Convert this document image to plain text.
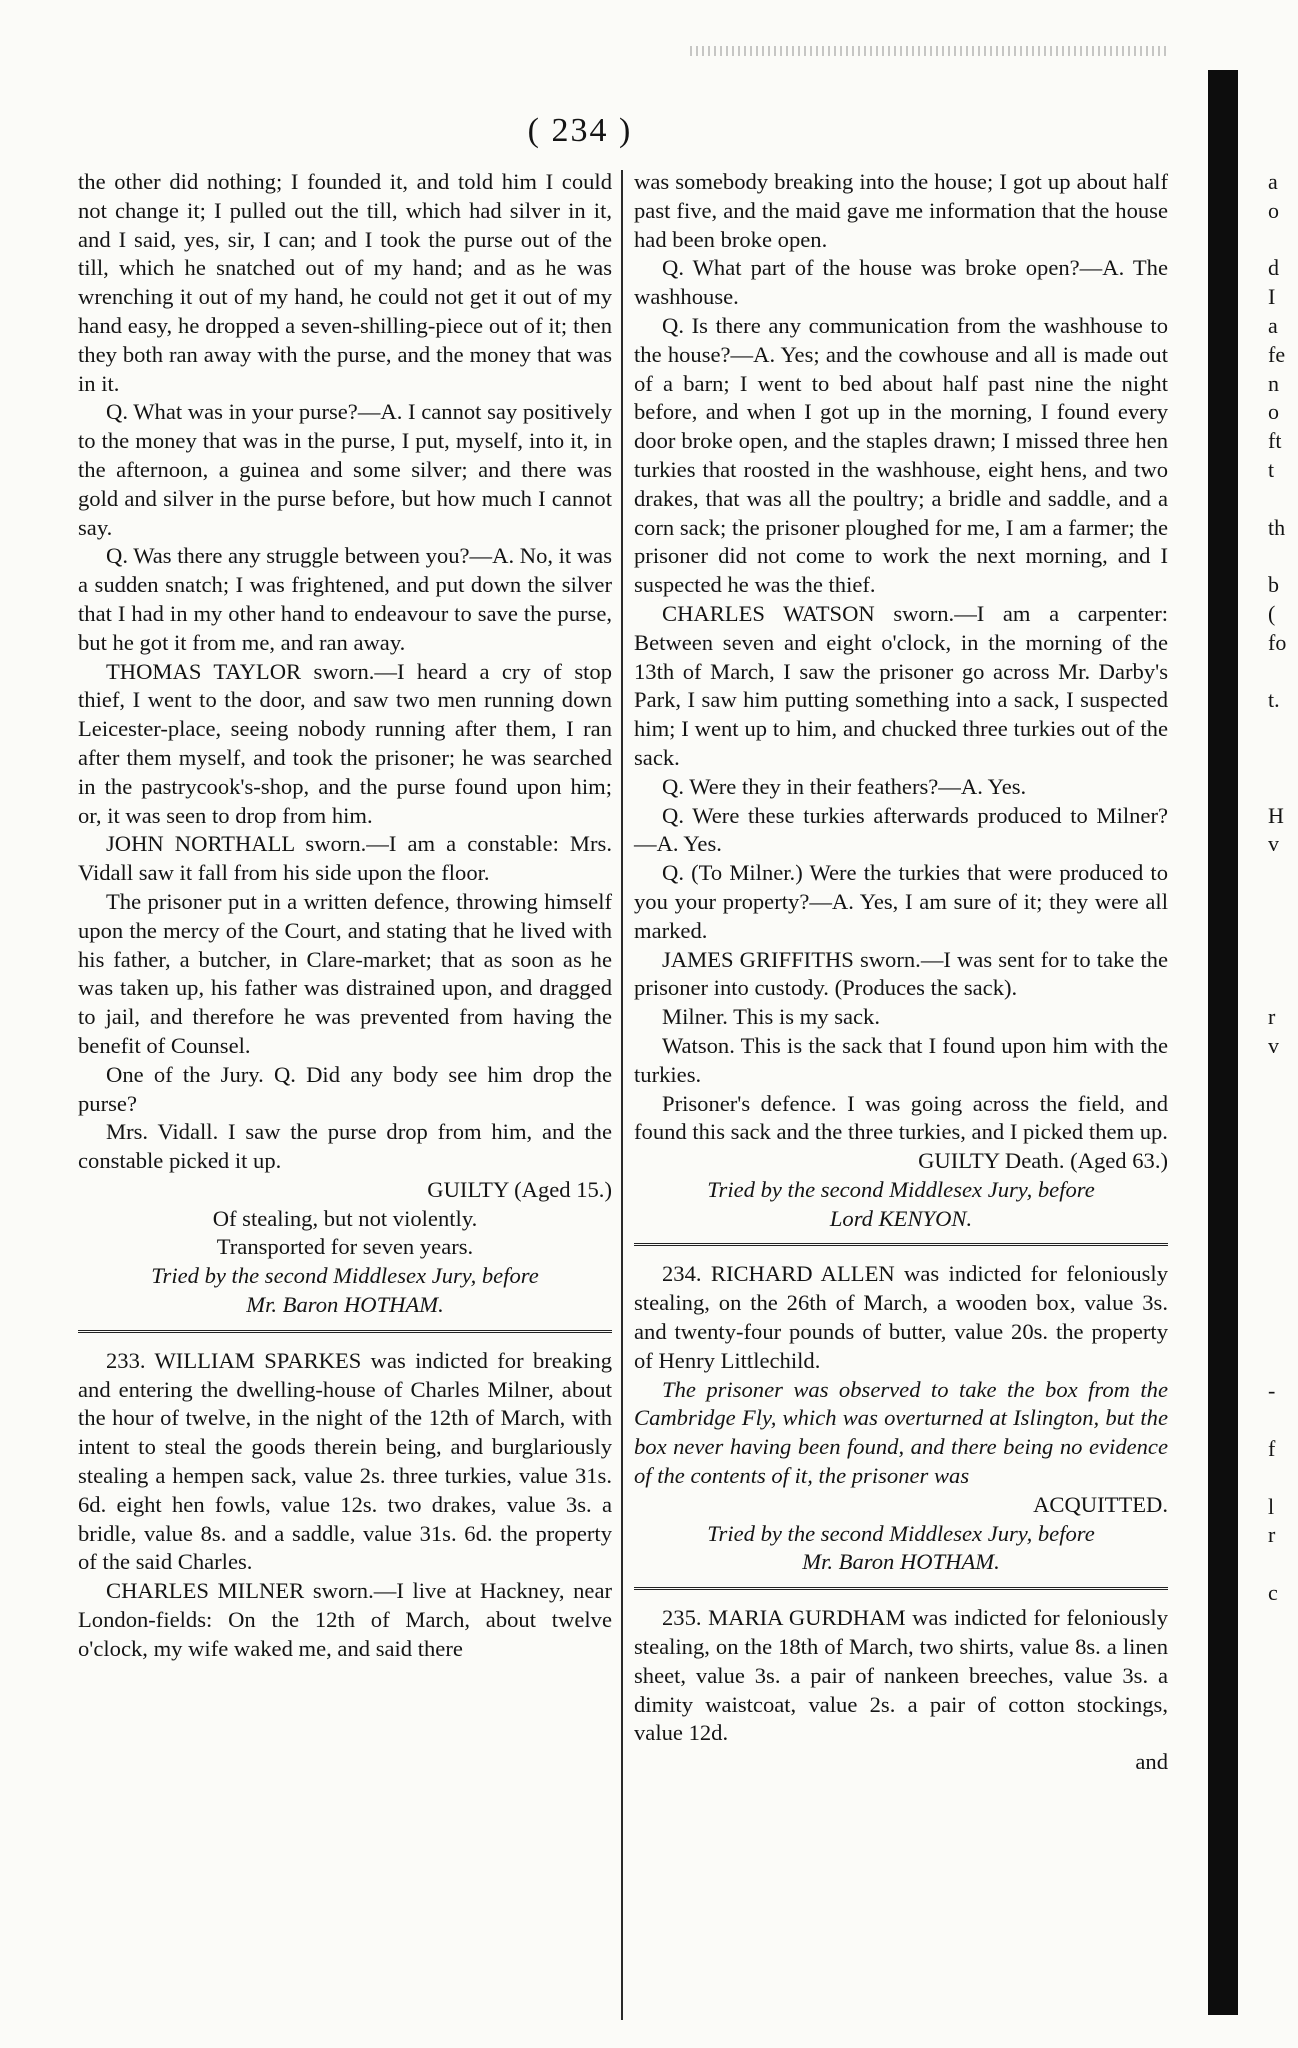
( 234 )

the other did nothing; I founded it, and told him I could not change it; I pulled out the till, which had silver in it, and I said, yes, sir, I can; and I took the purse out of the till, which he snatched out of my hand; and as he was wrenching it out of my hand, he could not get it out of my hand easy, he dropped a seven-shilling-piece out of it; then they both ran away with the purse, and the money that was in it.

Q. What was in your purse?—A. I cannot say positively to the money that was in the purse, I put, myself, into it, in the afternoon, a guinea and some silver; and there was gold and silver in the purse before, but how much I cannot say.

Q. Was there any struggle between you?—A. No, it was a sudden snatch; I was frightened, and put down the silver that I had in my other hand to endeavour to save the purse, but he got it from me, and ran away.

THOMAS TAYLOR sworn.—I heard a cry of stop thief, I went to the door, and saw two men running down Leicester-place, seeing nobody running after them, I ran after them myself, and took the prisoner; he was searched in the pastrycook's-shop, and the purse found upon him; or, it was seen to drop from him.

JOHN NORTHALL sworn.—I am a constable: Mrs. Vidall saw it fall from his side upon the floor.

The prisoner put in a written defence, throwing himself upon the mercy of the Court, and stating that he lived with his father, a butcher, in Clare-market; that as soon as he was taken up, his father was distrained upon, and dragged to jail, and therefore he was prevented from having the benefit of Counsel.

One of the Jury. Q. Did any body see him drop the purse?

Mrs. Vidall. I saw the purse drop from him, and the constable picked it up.

GUILTY (Aged 15.)

Of stealing, but not violently.

Transported for seven years.

Tried by the second Middlesex Jury, before

Mr. Baron HOTHAM.

233. WILLIAM SPARKES was indicted for breaking and entering the dwelling-house of Charles Milner, about the hour of twelve, in the night of the 12th of March, with intent to steal the goods therein being, and burglariously stealing a hempen sack, value 2s. three turkies, value 31s. 6d. eight hen fowls, value 12s. two drakes, value 3s. a bridle, value 8s. and a saddle, value 31s. 6d. the property of the said Charles.

CHARLES MILNER sworn.—I live at Hackney, near London-fields: On the 12th of March, about twelve o'clock, my wife waked me, and said there

was somebody breaking into the house; I got up about half past five, and the maid gave me information that the house had been broke open.

Q. What part of the house was broke open?—A. The washhouse.

Q. Is there any communication from the washhouse to the house?—A. Yes; and the cowhouse and all is made out of a barn; I went to bed about half past nine the night before, and when I got up in the morning, I found every door broke open, and the staples drawn; I missed three hen turkies that roosted in the washhouse, eight hens, and two drakes, that was all the poultry; a bridle and saddle, and a corn sack; the prisoner ploughed for me, I am a farmer; the prisoner did not come to work the next morning, and I suspected he was the thief.

CHARLES WATSON sworn.—I am a carpenter: Between seven and eight o'clock, in the morning of the 13th of March, I saw the prisoner go across Mr. Darby's Park, I saw him putting something into a sack, I suspected him; I went up to him, and chucked three turkies out of the sack.

Q. Were they in their feathers?—A. Yes.

Q. Were these turkies afterwards produced to Milner?—A. Yes.

Q. (To Milner.) Were the turkies that were produced to you your property?—A. Yes, I am sure of it; they were all marked.

JAMES GRIFFITHS sworn.—I was sent for to take the prisoner into custody. (Produces the sack).

Milner. This is my sack.

Watson. This is the sack that I found upon him with the turkies.

Prisoner's defence. I was going across the field, and found this sack and the three turkies, and I picked them up.

GUILTY Death. (Aged 63.)

Tried by the second Middlesex Jury, before

Lord KENYON.

234. RICHARD ALLEN was indicted for feloniously stealing, on the 26th of March, a wooden box, value 3s. and twenty-four pounds of butter, value 20s. the property of Henry Littlechild.

The prisoner was observed to take the box from the Cambridge Fly, which was overturned at Islington, but the box never having been found, and there being no evidence of the contents of it, the prisoner was

ACQUITTED.

Tried by the second Middlesex Jury, before

Mr. Baron HOTHAM.

235. MARIA GURDHAM was indicted for feloniously stealing, on the 18th of March, two shirts, value 8s. a linen sheet, value 3s. a pair of nankeen breeches, value 3s. a dimity waistcoat, value 2s. a pair of cotton stockings, value 12d.

and

a
o
d
I
a
fe
n
o
ft
t
th
b
(
fo
t.
H
v
r
v
-
f
l
r
c
